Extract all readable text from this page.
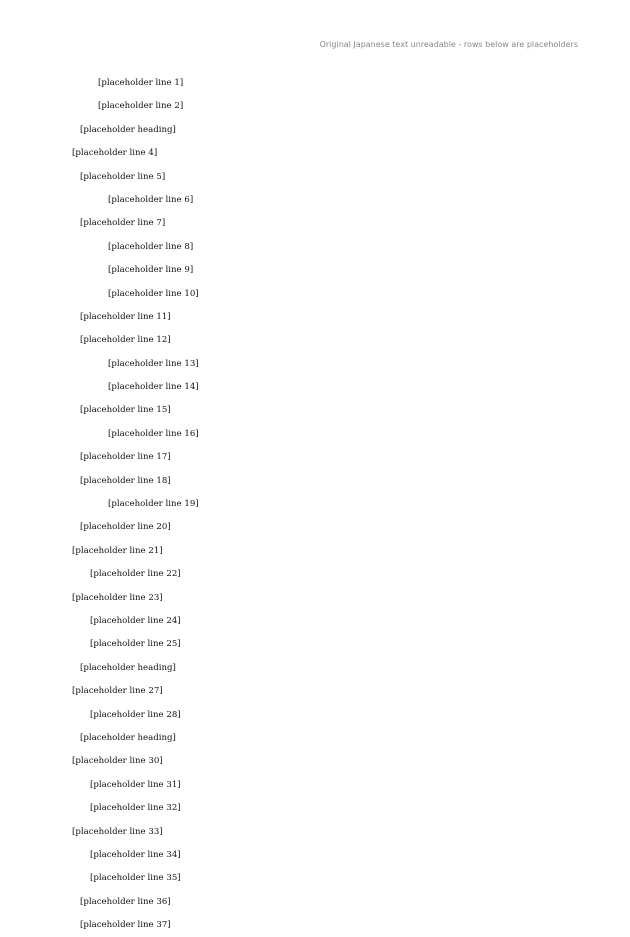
Original Japanese text unreadable - rows below are placeholders
[placeholder line 1]
[placeholder line 2]
[placeholder heading]
[placeholder line 4]
[placeholder line 5]
[placeholder line 6]
[placeholder line 7]
[placeholder line 8]
[placeholder line 9]
[placeholder line 10]
[placeholder line 11]
[placeholder line 12]
[placeholder line 13]
[placeholder line 14]
[placeholder line 15]
[placeholder line 16]
[placeholder line 17]
[placeholder line 18]
[placeholder line 19]
[placeholder line 20]
[placeholder line 21]
[placeholder line 22]
[placeholder line 23]
[placeholder line 24]
[placeholder line 25]
[placeholder heading]
[placeholder line 27]
[placeholder line 28]
[placeholder heading]
[placeholder line 30]
[placeholder line 31]
[placeholder line 32]
[placeholder line 33]
[placeholder line 34]
[placeholder line 35]
[placeholder line 36]
[placeholder line 37]
